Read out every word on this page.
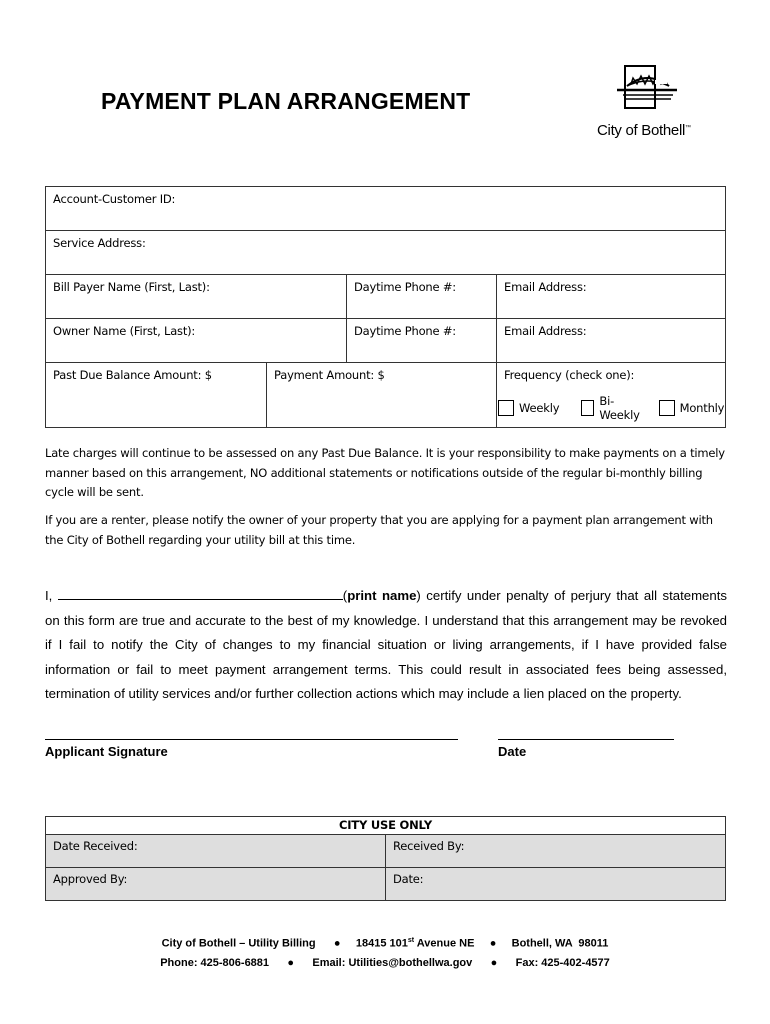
PAYMENT PLAN ARRANGEMENT
City of Bothell™
Account-Customer ID:			
Service Address:			
Bill Payer Name (First, Last):		Daytime Phone #:	Email Address:
Owner Name (First, Last):		Daytime Phone #:	Email Address:
Past Due Balance Amount: $	Payment Amount: $		Frequency (check one):
Weekly Bi-Weekly Monthly
Late charges will continue to be assessed on any Past Due Balance. It is your responsibility to make payments on a timely manner based on this arrangement, NO additional statements or notifications outside of the regular bi-monthly billing cycle will be sent.
If you are a renter, please notify the owner of your property that you are applying for a payment plan arrangement with the City of Bothell regarding your utility bill at this time.
I,	(print name) certify under penalty of perjury that all statements on this form are true and accurate to the best of my knowledge. I understand that this arrangement may be revoked if I fail to notify the City of changes to my financial situation or living arrangements, if I have provided false information or fail to meet payment arrangement terms. This could result in associated fees being assessed, termination of utility services and/or further collection actions which may include a lien placed on the property.
Applicant Signature	Date
CITY USE ONLY	
Date Received:	Received By:
Approved By:	Date:
City of Bothell – Utility Billing ● 18415 101st Avenue NE ● Bothell, WA  98011
Phone: 425-806-6881 ● Email: Utilities@bothellwa.gov ● Fax: 425-402-4577
